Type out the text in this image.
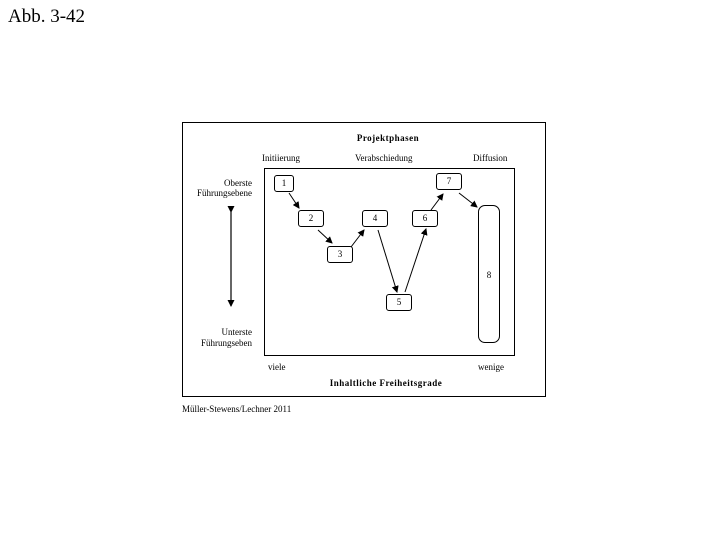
Abb. 3-42
Projektphasen
Initiierung	Verabschiedung	Diffusion
Oberste
Führungsebene
Unterste
Führungseben
1
2
3
4
5
6
7
8
viele	wenige
Inhaltliche Freiheitsgrade
Müller-Stewens/Lechner 2011
